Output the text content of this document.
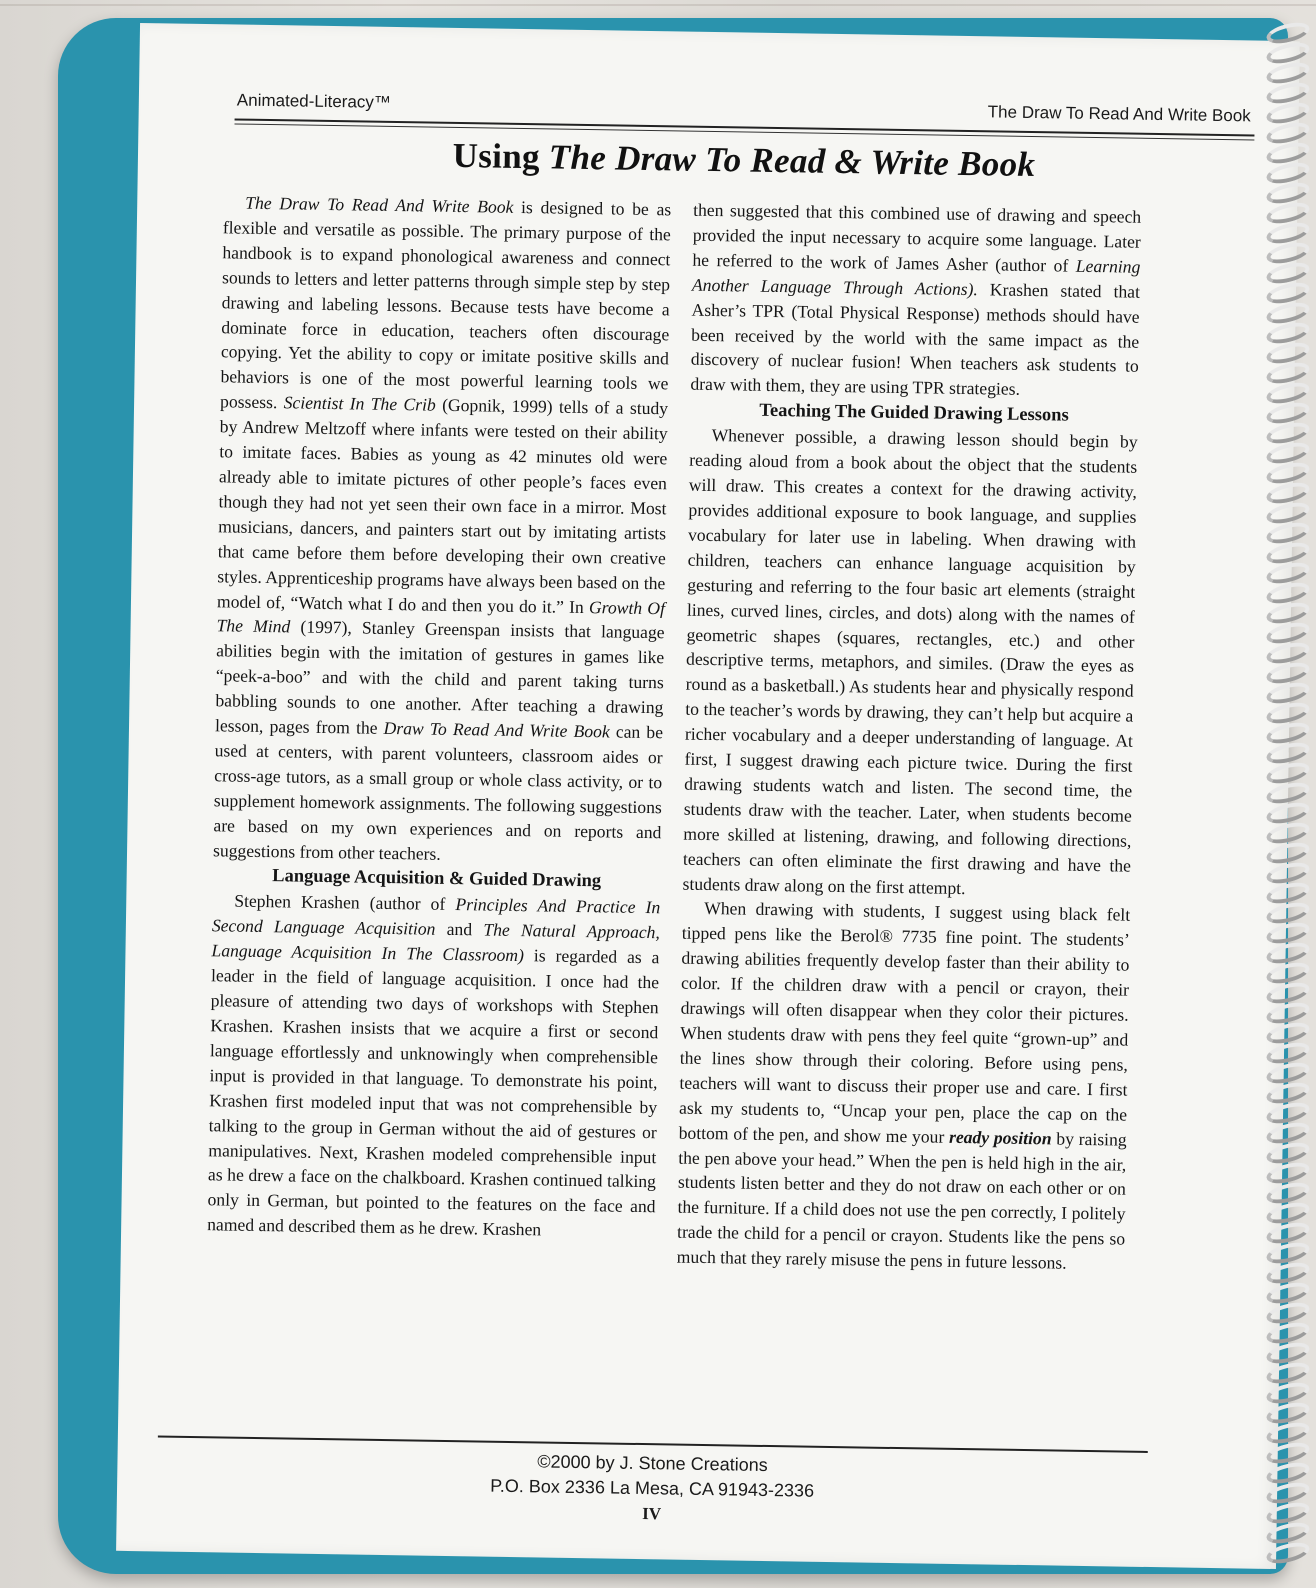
Animated-Literacy™
The Draw To Read And Write Book
Using The Draw To Read & Write Book

The Draw To Read And Write Book is designed to be as flexible and versatile as possible. The primary purpose of the handbook is to expand phonological awareness and connect sounds to letters and letter patterns through simple step by step drawing and labeling lessons. Because tests have become a dominate force in education, teachers often discourage copying. Yet the ability to copy or imitate positive skills and behaviors is one of the most powerful learning tools we possess. Scientist In The Crib (Gopnik, 1999) tells of a study by Andrew Meltzoff where infants were tested on their ability to imitate faces. Babies as young as 42 minutes old were already able to imitate pictures of other people’s faces even though they had not yet seen their own face in a mirror. Most musicians, dancers, and painters start out by imitating artists that came before them before developing their own creative styles. Apprenticeship programs have always been based on the model of, “Watch what I do and then you do it.” In Growth Of The Mind (1997), Stanley Greenspan insists that language abilities begin with the imitation of gestures in games like “peek-a-boo” and with the child and parent taking turns babbling sounds to one another. After teaching a drawing lesson, pages from the Draw To Read And Write Book can be used at centers, with parent volunteers, classroom aides or cross-age tutors, as a small group or whole class activity, or to supplement homework assignments. The following suggestions are based on my own experiences and on reports and suggestions from other teachers.

Language Acquisition & Guided Drawing

Stephen Krashen (author of Principles And Practice In Second Language Acquisition and The Natural Approach, Language Acquisition In The Classroom) is regarded as a leader in the field of language acquisition. I once had the pleasure of attending two days of workshops with Stephen Krashen. Krashen insists that we acquire a first or second language effortlessly and unknowingly when comprehensible input is provided in that language. To demonstrate his point, Krashen first modeled input that was not comprehensible by talking to the group in German without the aid of gestures or manipulatives. Next, Krashen modeled comprehensible input as he drew a face on the chalkboard. Krashen continued talking only in German, but pointed to the features on the face and named and described them as he drew. Krashen

then suggested that this combined use of drawing and speech provided the input necessary to acquire some language. Later he referred to the work of James Asher (author of Learning Another Language Through Actions). Krashen stated that Asher’s TPR (Total Physical Response) methods should have been received by the world with the same impact as the discovery of nuclear fusion! When teachers ask students to draw with them, they are using TPR strategies.

Teaching The Guided Drawing Lessons

Whenever possible, a drawing lesson should begin by reading aloud from a book about the object that the students will draw. This creates a context for the drawing activity, provides additional exposure to book language, and supplies vocabulary for later use in labeling. When drawing with children, teachers can enhance language acquisition by gesturing and referring to the four basic art elements (straight lines, curved lines, circles, and dots) along with the names of geometric shapes (squares, rectangles, etc.) and other descriptive terms, metaphors, and similes. (Draw the eyes as round as a basketball.) As students hear and physically respond to the teacher’s words by drawing, they can’t help but acquire a richer vocabulary and a deeper understanding of language. At first, I suggest drawing each picture twice. During the first drawing students watch and listen. The second time, the students draw with the teacher. Later, when students become more skilled at listening, drawing, and following directions, teachers can often eliminate the first drawing and have the students draw along on the first attempt.

When drawing with students, I suggest using black felt tipped pens like the Berol® 7735 fine point. The students’ drawing abilities frequently develop faster than their ability to color. If the children draw with a pencil or crayon, their drawings will often disappear when they color their pictures. When students draw with pens they feel quite “grown-up” and the lines show through their coloring. Before using pens, teachers will want to discuss their proper use and care. I first ask my students to, “Uncap your pen, place the cap on the bottom of the pen, and show me your ready position by raising the pen above your head.” When the pen is held high in the air, students listen better and they do not draw on each other or on the furniture. If a child does not use the pen correctly, I politely trade the child for a pencil or crayon. Students like the pens so much that they rarely misuse the pens in future lessons.

©2000 by J. Stone Creations
P.O. Box 2336 La Mesa, CA 91943-2336
IV
